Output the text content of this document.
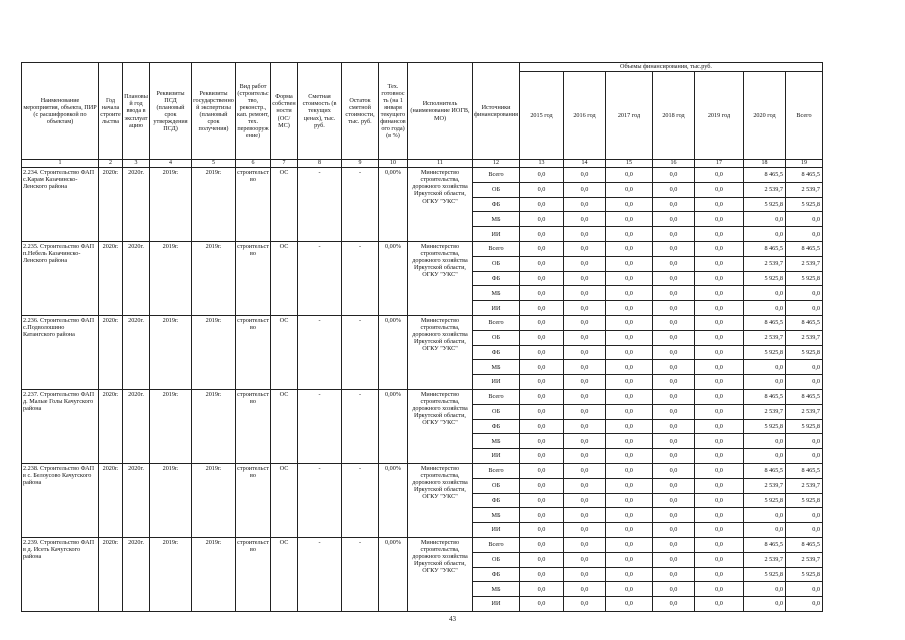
Наименование мероприятия, объекта, ПИР (с расшифровкой по объектам)	Год начала строительства	Плановый год ввода в эксплуатацию	Реквизиты ПСД (плановый срок утверждения ПСД)	Реквизиты государственной экспертизы (плановый срок получения)	Вид работ (строительство, реконстр., кап. ремонт, тех. перевооружение)	Форма собственности (ОС/МС)	Сметная стоимость (в текущих ценах), тыс. руб.	Остаток сметной стоимости, тыс. руб.	Тех. готовность (на 1 января текущего финансового года) (в %)	Исполнитель (наименование ИОГВ, МО)	Источники финансирования	Объемы финансирования, тыс.руб.						
												2015 год	2016 год	2017 год	2018 год	2019 год	2020 год	Всего
1	2	3	4	5	6	7	8	9	10	11	12	13	14	15	16	17	18	19
2.234. Строительство ФАП с.Карам Казачинско-Ленского района	2020г.	2020г.	2019г.	2019г.	строительство	ОС	-	-	0,00%	Министерство строительства, дорожного хозяйства Иркутской области, ОГКУ "УКС"	Всего	0,0	0,0	0,0	0,0	0,0	8 465,5	8 465,5
											ОБ	0,0	0,0	0,0	0,0	0,0	2 539,7	2 539,7
											ФБ	0,0	0,0	0,0	0,0	0,0	5 925,8	5 925,8
											МБ	0,0	0,0	0,0	0,0	0,0	0,0	0,0
											ИИ	0,0	0,0	0,0	0,0	0,0	0,0	0,0
2.235. Строительство ФАП п.Небель Казачинско-Ленского района	2020г.	2020г.	2019г.	2019г.	строительство	ОС	-	-	0,00%	Министерство строительства, дорожного хозяйства Иркутской области, ОГКУ "УКС"	Всего	0,0	0,0	0,0	0,0	0,0	8 465,5	8 465,5
											ОБ	0,0	0,0	0,0	0,0	0,0	2 539,7	2 539,7
											ФБ	0,0	0,0	0,0	0,0	0,0	5 925,8	5 925,8
											МБ	0,0	0,0	0,0	0,0	0,0	0,0	0,0
											ИИ	0,0	0,0	0,0	0,0	0,0	0,0	0,0
2.236. Строительство ФАП с.Подволошино Катангского района	2020г.	2020г.	2019г.	2019г.	строительство	ОС	-	-	0,00%	Министерство строительства, дорожного хозяйства Иркутской области, ОГКУ "УКС"	Всего	0,0	0,0	0,0	0,0	0,0	8 465,5	8 465,5
											ОБ	0,0	0,0	0,0	0,0	0,0	2 539,7	2 539,7
											ФБ	0,0	0,0	0,0	0,0	0,0	5 925,8	5 925,8
											МБ	0,0	0,0	0,0	0,0	0,0	0,0	0,0
											ИИ	0,0	0,0	0,0	0,0	0,0	0,0	0,0
2.237. Строительство ФАП д. Малые Голы Качугского района	2020г.	2020г.	2019г.	2019г.	строительство	ОС	-	-	0,00%	Министерство строительства, дорожного хозяйства Иркутской области, ОГКУ "УКС"	Всего	0,0	0,0	0,0	0,0	0,0	8 465,5	8 465,5
											ОБ	0,0	0,0	0,0	0,0	0,0	2 539,7	2 539,7
											ФБ	0,0	0,0	0,0	0,0	0,0	5 925,8	5 925,8
											МБ	0,0	0,0	0,0	0,0	0,0	0,0	0,0
											ИИ	0,0	0,0	0,0	0,0	0,0	0,0	0,0
2.238. Строительство ФАП в с. Белоусово Качугского района	2020г.	2020г.	2019г.	2019г.	строительство	ОС	-	-	0,00%	Министерство строительства, дорожного хозяйства Иркутской области, ОГКУ "УКС"	Всего	0,0	0,0	0,0	0,0	0,0	8 465,5	8 465,5
											ОБ	0,0	0,0	0,0	0,0	0,0	2 539,7	2 539,7
											ФБ	0,0	0,0	0,0	0,0	0,0	5 925,8	5 925,8
											МБ	0,0	0,0	0,0	0,0	0,0	0,0	0,0
											ИИ	0,0	0,0	0,0	0,0	0,0	0,0	0,0
2.239. Строительство ФАП в д. Исеть Качугского района	2020г.	2020г.	2019г.	2019г.	строительство	ОС	-	-	0,00%	Министерство строительства, дорожного хозяйства Иркутской области, ОГКУ "УКС"	Всего	0,0	0,0	0,0	0,0	0,0	8 465,5	8 465,5
											ОБ	0,0	0,0	0,0	0,0	0,0	2 539,7	2 539,7
											ФБ	0,0	0,0	0,0	0,0	0,0	5 925,8	5 925,8
											МБ	0,0	0,0	0,0	0,0	0,0	0,0	0,0
											ИИ	0,0	0,0	0,0	0,0	0,0	0,0	0,0
43
